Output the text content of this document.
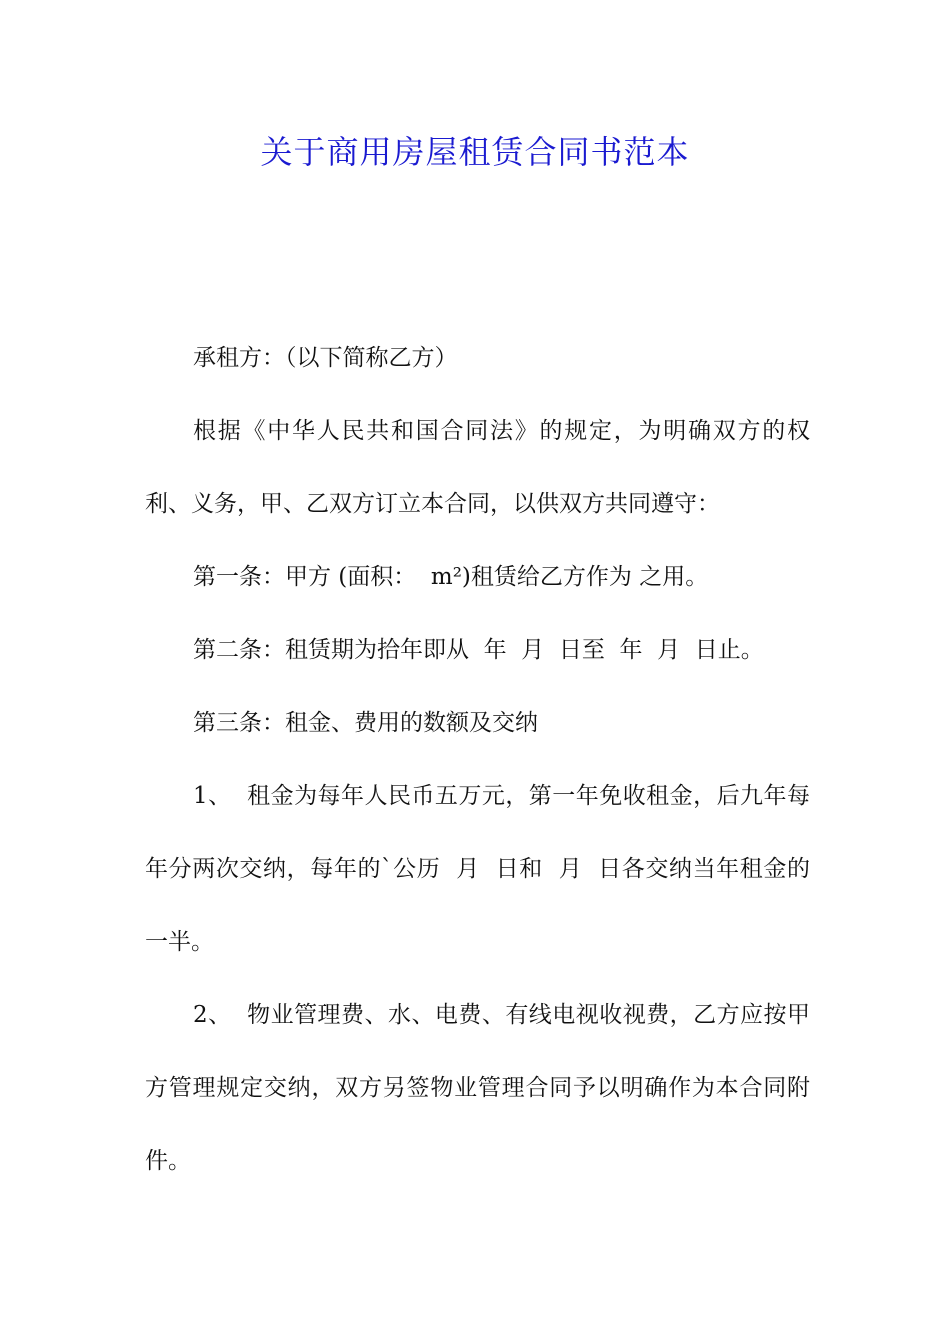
关于商用房屋租赁合同书范本

承租方：（以下简称乙方）

根据《中华人民共和国合同法》的规定，为明确双方的权利、义务，甲、乙双方订立本合同，以供双方共同遵守：

第一条：甲方 (面积：  m²)租赁给乙方作为 之用。

第二条：租赁期为拾年即从  年  月  日至  年  月  日止。

第三条：租金、费用的数额及交纳

1、  租金为每年人民币五万元，第一年免收租金，后九年每年分两次交纳，每年的`公历  月  日和  月  日各交纳当年租金的一半。

2、  物业管理费、水、电费、有线电视收视费，乙方应按甲方管理规定交纳，双方另签物业管理合同予以明确作为本合同附件。
